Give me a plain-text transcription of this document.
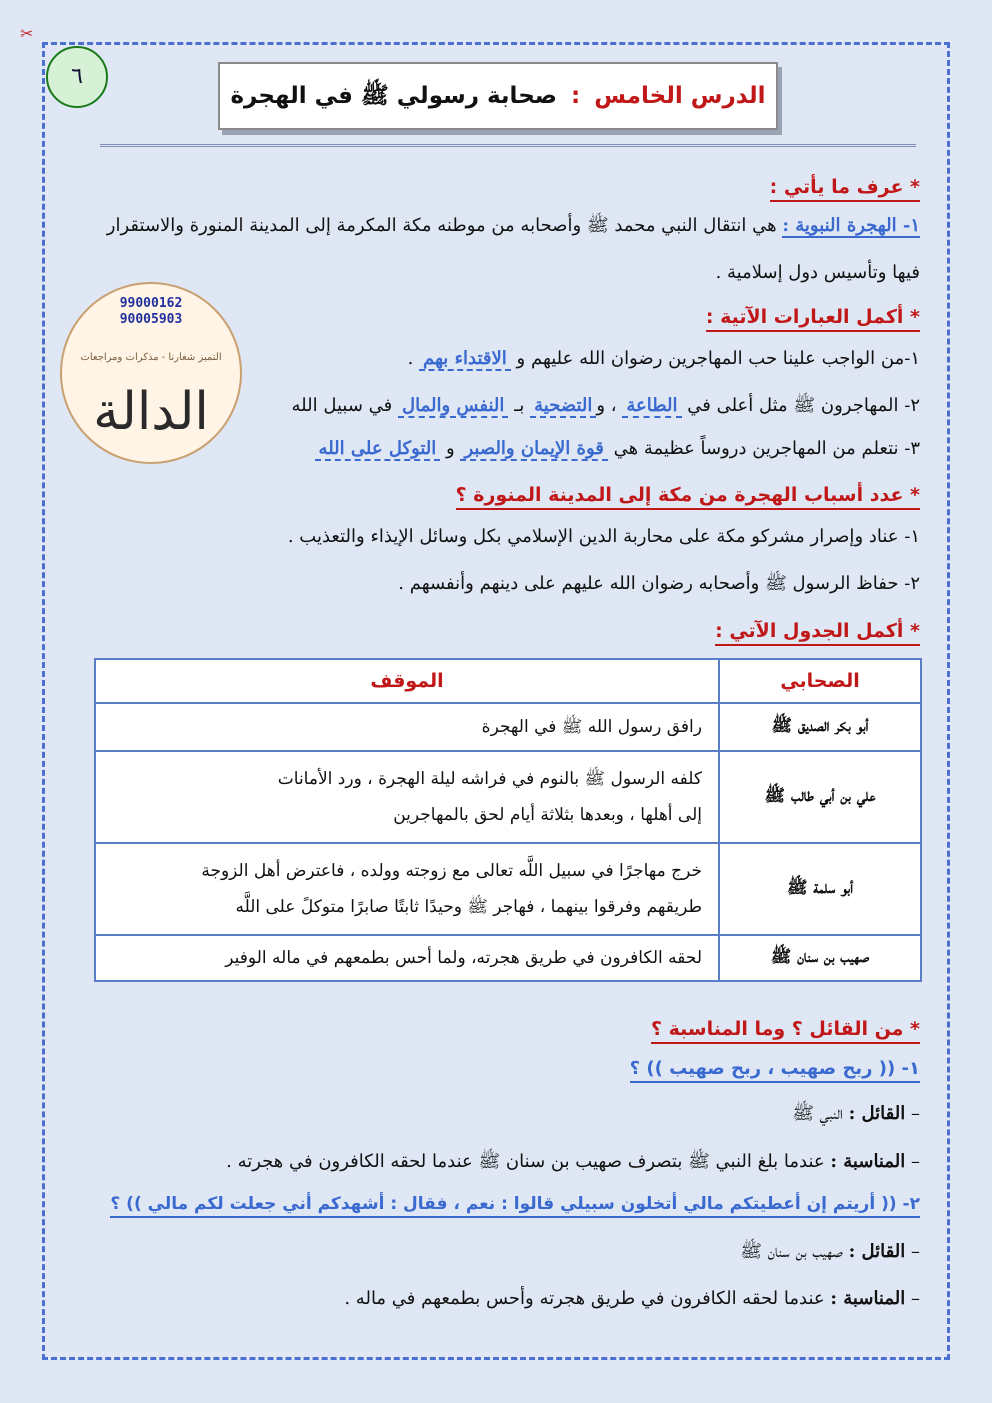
✂
٦
الدرس الخامس : صحابة رسولي ﷺ في الهجرة
* عرف ما يأتي :
١- الهجرة النبوية : هي انتقال النبي محمد ﷺ وأصحابه من موطنه مكة المكرمة إلى المدينة المنورة والاستقرار
فيها وتأسيس دول إسلامية .
99000162
90005903
التميز شعارنا - مذكرات ومراجعات
الدالة
* أكمل العبارات الآتية :
١-من الواجب علينا حب المهاجرين رضوان الله عليهم و الاقتداء بهم .
٢- المهاجرون ﷺ مثل أعلى في الطاعة ، والتضحية بـ النفس والمال في سبيل الله
٣- نتعلم من المهاجرين دروساً عظيمة هي قوة الإيمان والصبر و التوكل على الله
* عدد أسباب الهجرة من مكة إلى المدينة المنورة ؟
١- عناد وإصرار مشركو مكة على محاربة الدين الإسلامي بكل وسائل الإيذاء والتعذيب .
٢- حفاظ الرسول ﷺ وأصحابه رضوان الله عليهم على دينهم وأنفسهم .
* أكمل الجدول الآتي :
الصحابي	الموقف
أبو بكر الصديق ﷺ	رافق رسول الله ﷺ في الهجرة

علي بن أبي طالب ﷺ	كلفه الرسول ﷺ بالنوم في فراشه ليلة الهجرة ، ورد الأمانات
إلى أهلها ، وبعدها بثلاثة أيام لحق بالمهاجرين

أبو سلمة ﷺ	خرج مهاجرًا في سبيل اللَّه تعالى مع زوجته وولده ، فاعترض أهل الزوجة
طريقهم وفرقوا بينهما ، فهاجر ﷺ وحيدًا ثابتًا صابرًا متوكلً على اللَّه

صهيب بن سنان ﷺ	لحقه الكافرون في طريق هجرته، ولما أحس بطمعهم في ماله الوفير
* من القائل ؟ وما المناسبة ؟
١- (( ربح صهيب ، ربح صهيب )) ؟
– القائل : النبي ﷺ
– المناسبة : عندما بلغ النبي ﷺ بتصرف صهيب بن سنان ﷺ عندما لحقه الكافرون في هجرته .
٢- (( أريتم إن أعطيتكم مالي أتخلون سبيلي قالوا : نعم ، فقال : أشهدكم أني جعلت لكم مالي )) ؟
– القائل : صهيب بن سنان ﷺ
– المناسبة : عندما لحقه الكافرون في طريق هجرته وأحس بطمعهم في ماله .
